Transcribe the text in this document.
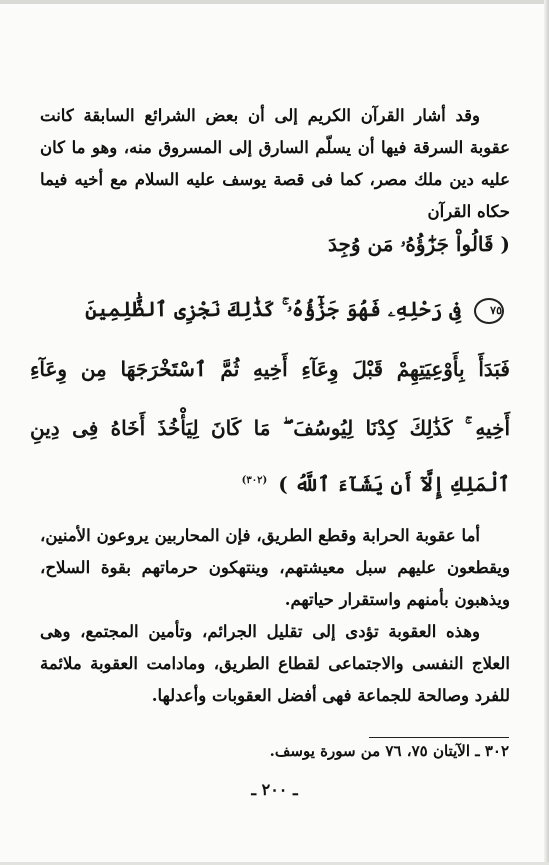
وقد أشار القرآن الكريم إلى أن بعض الشرائع السابقة كانت عقوبة السرقة فيها أن يسلّم السارق إلى المسروق منه، وهو ما كان عليه دين ملك مصر، كما فى قصة يوسف عليه السلام مع أخيه فيما حكاه القرآن

( قَالُواْ جَزَٰٓؤُهُۥ مَن وُجِدَ
٧٥ فِى رَحْلِهِۦ فَهُوَ جَزَٰٓؤُهُۥ ۚ كَذَٰلِكَ نَجْزِى ٱلظَّٰلِمِينَ
فَبَدَأَ بِأَوْعِيَتِهِمْ قَبْلَ وِعَآءِ أَخِيهِ ثُمَّ ٱسْتَخْرَجَهَا مِن وِعَآءِ
أَخِيهِ ۚ كَذَٰلِكَ كِدْنَا لِيُوسُفَ ۖ مَا كَانَ لِيَأْخُذَ أَخَاهُ فِى دِينِ
ٱلْمَلِكِ إِلَّآ أَن يَشَآءَ ٱللَّهُ ) $^{(٣٠٢)}$

أما عقوبة الحرابة وقطع الطريق، فإن المحاربين يروعون الأمنين، ويقطعون عليهم سبل معيشتهم، وينتهكون حرماتهم بقوة السلاح، ويذهبون بأمنهم واستقرار حياتهم.

وهذه العقوبة تؤدى إلى تقليل الجرائم، وتأمين المجتمع، وهى العلاج النفسى والاجتماعى لقطاع الطريق، ومادامت العقوبة ملائمة للفرد وصالحة للجماعة فهى أفضل العقوبات وأعدلها.

٣٠٢ ـ الآيتان ٧٥، ٧٦ من سورة يوسف.
ـ ٢٠٠ ـ
